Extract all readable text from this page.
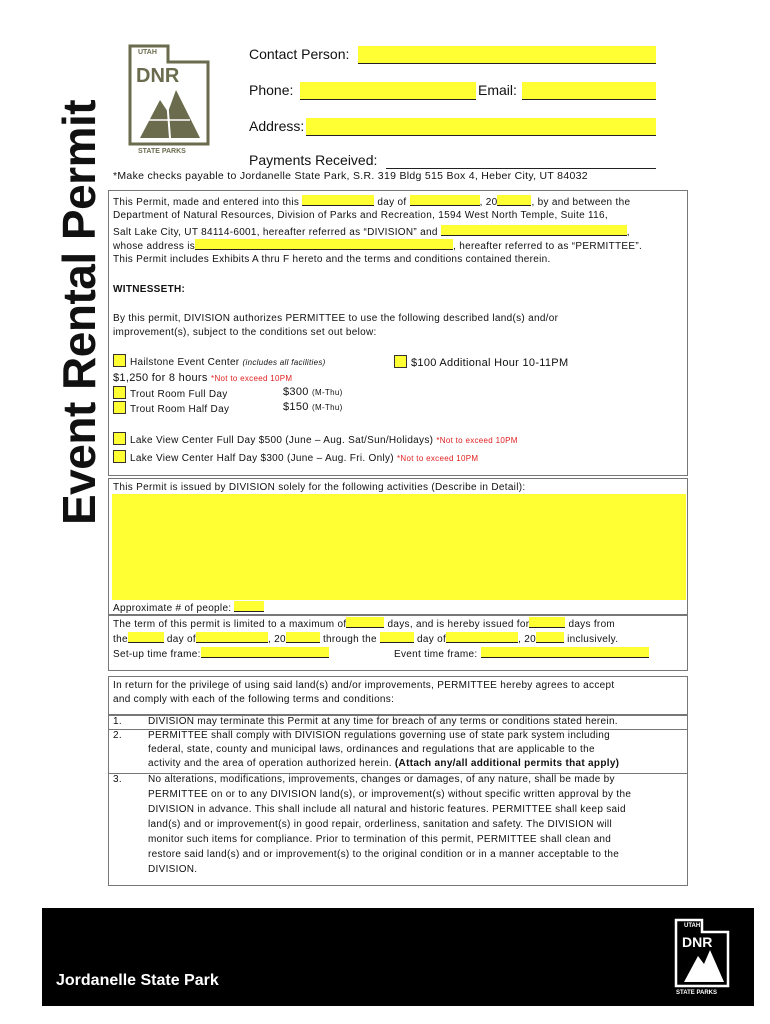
Event Rental Permit
UTAH
DNR
STATE PARKS
Contact Person:
Phone:	Email:
Address:
Payments Received:
*Make checks payable to Jordanelle State Park, S.R. 319 Bldg 515 Box 4, Heber City, UT 84032
This Permit, made and entered into this	day of	, 20	, by and between the
Department of Natural Resources, Division of Parks and Recreation, 1594 West North Temple, Suite 116,
Salt Lake City, UT 84114-6001, hereafter referred as “DIVISION” and	,
whose address is	, hereafter referred to as “PERMITTEE”.
This Permit includes Exhibits A thru F hereto and the terms and conditions contained therein.
WITNESSETH:
By this permit, DIVISION authorizes PERMITTEE to use the following described land(s) and/or
improvement(s), subject to the conditions set out below:
Hailstone Event Center (includes all facilities)	$100 Additional Hour 10-11PM
$1,250 for 8 hours *Not to exceed 10PM
Trout Room Full Day	$300 (M-Thu)
Trout Room Half Day	$150 (M-Thu)
Lake View Center Full Day $500 (June – Aug. Sat/Sun/Holidays) *Not to exceed 10PM
Lake View Center Half Day $300 (June – Aug. Fri. Only) *Not to exceed 10PM
This Permit is issued by DIVISION solely for the following activities (Describe in Detail):
Approximate # of people:
The term of this permit is limited to a maximum of	days, and is hereby issued for	days from
the	day of	, 20	through the	day of	, 20	inclusively.
Set-up time frame:	Event time frame:
In return for the privilege of using said land(s) and/or improvements, PERMITTEE hereby agrees to accept
and comply with each of the following terms and conditions:
1.	DIVISION may terminate this Permit at any time for breach of any terms or conditions stated herein.
2.	PERMITTEE shall comply with DIVISION regulations governing use of state park system including
federal, state, county and municipal laws, ordinances and regulations that are applicable to the
activity and the area of operation authorized herein. (Attach any/all additional permits that apply)
3.	No alterations, modifications, improvements, changes or damages, of any nature, shall be made by
PERMITTEE on or to any DIVISION land(s), or improvement(s) without specific written approval by the
DIVISION in advance. This shall include all natural and historic features. PERMITTEE shall keep said
land(s) and or improvement(s) in good repair, orderliness, sanitation and safety. The DIVISION will
monitor such items for compliance. Prior to termination of this permit, PERMITTEE shall clean and
restore said land(s) and or improvement(s) to the original condition or in a manner acceptable to the
DIVISION.
Jordanelle State Park
UTAH
DNR
STATE PARKS
